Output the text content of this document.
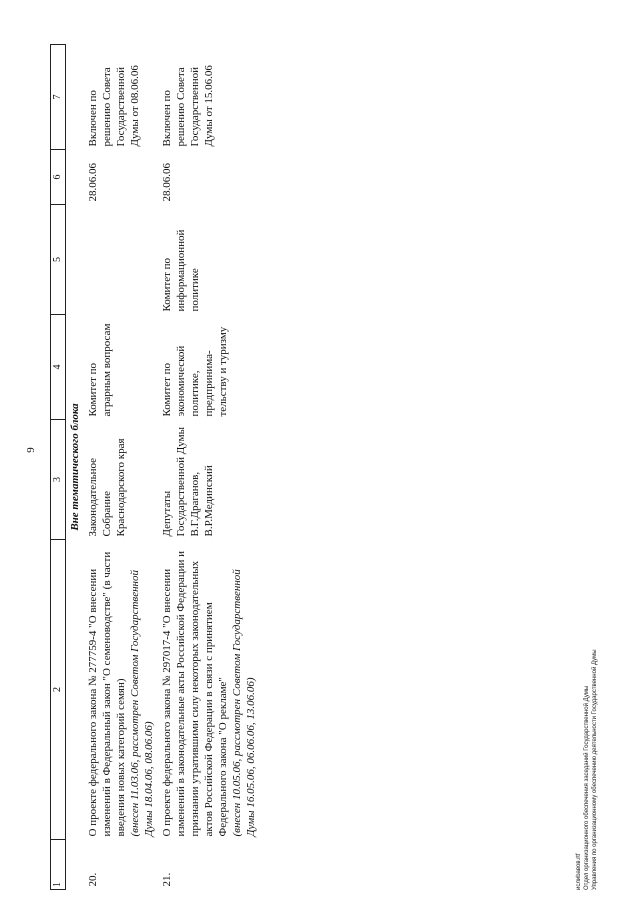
9
1	2	3	4	5	6	7
Вне тематического блока						
20.	О проекте федерального закона № 277759-4 "О внесении изменений в Федеральный закон "О семеноводстве" (в части введения новых категорий семян) (внесен 11.03.06, рассмотрен Советом Государственной Думы 18.04.06, 08.06.06)	Законодательное Собрание Краснодарского края	Комитет по аграрным вопросам		28.06.06	Включен по решению Совета Государственной Думы от 08.06.06
21.	О проекте федерального закона № 297017-4 "О внесении изменений в законодательные акты Российской Федерации и признании утратившими силу некоторых законодательных актов Российской Федерации в связи с принятием Федерального закона "О рекламе" (внесен 10.05.06, рассмотрен Советом Государственной Думы 16.05.06, 06.06.06, 13.06.06)	Депутаты Государственной Думы В.Г.Драганов, В.Р.Мединский	Комитет по экономической политике, предпринима-тельству и туризму	Комитет по информационной политике	28.06.06	Включен по решению Совета Государственной Думы от 15.06.06
ислиbaвов.rtf Отдел организационного обеспечения заседаний Государственной Думы Управления по организационному обеспечению деятельности Государственной Думы
